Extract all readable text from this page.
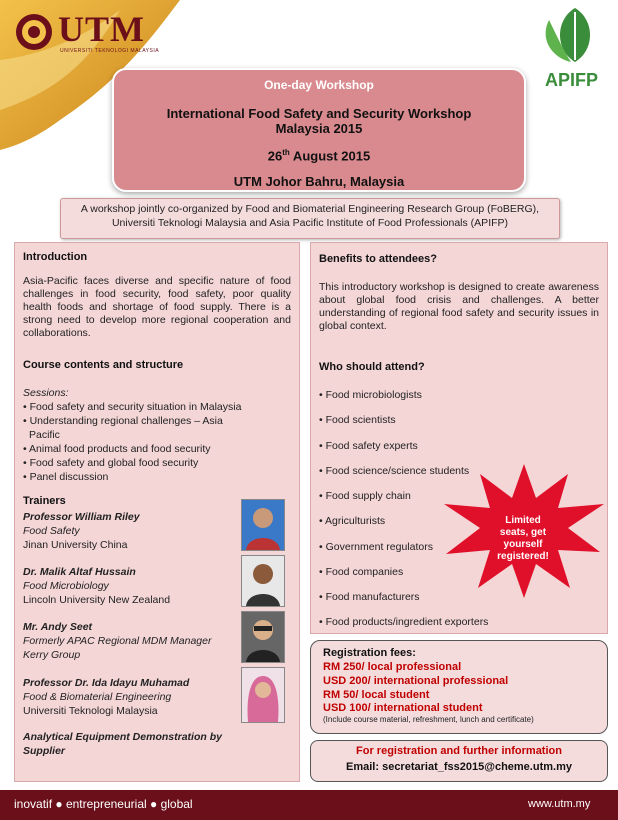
UTM
UNIVERSITI TEKNOLOGI MALAYSIA
APIFP
One-day Workshop
International Food Safety and Security Workshop
Malaysia 2015
26th August 2015
UTM Johor Bahru, Malaysia
A workshop jointly co-organized by Food and Biomaterial Engineering Research Group (FoBERG),
Universiti Teknologi Malaysia and Asia Pacific Institute of Food Professionals (APIFP)
Introduction
Asia-Pacific faces diverse and specific nature of food challenges in food security, food safety, poor quality health foods and shortage of food supply. There is a strong need to develop more regional cooperation and collaborations.
Course contents and structure
Sessions:
• Food safety and security situation in Malaysia
• Understanding regional challenges – Asia
Pacific
• Animal food products and food security
• Food safety and global food security
• Panel discussion
Trainers
Professor William Riley
Food Safety
Jinan University China
Dr. Malik Altaf Hussain
Food Microbiology
Lincoln University New Zealand
Mr. Andy Seet
Formerly APAC Regional MDM Manager
Kerry Group
Professor Dr. Ida Idayu Muhamad
Food & Biomaterial Engineering
Universiti Teknologi Malaysia
Analytical Equipment Demonstration by
Supplier
Benefits to attendees?
This introductory workshop is designed to create awareness about global food crisis and challenges. A better understanding of regional food safety and security issues in global context.
Who should attend?
• Food microbiologists
• Food scientists
• Food safety experts
• Food science/science students
• Food supply chain
• Agriculturists
• Government regulators
• Food companies
• Food manufacturers
• Food products/ingredient exporters
Limited
seats, get
yourself
registered!
Registration fees:
RM 250/ local professional
USD 200/ international professional
RM 50/ local student
USD 100/ international student
(Include course material, refreshment, lunch and certificate)
For registration and further information
Email: secretariat_fss2015@cheme.utm.my
inovatif ● entrepreneurial ● global	www.utm.my
